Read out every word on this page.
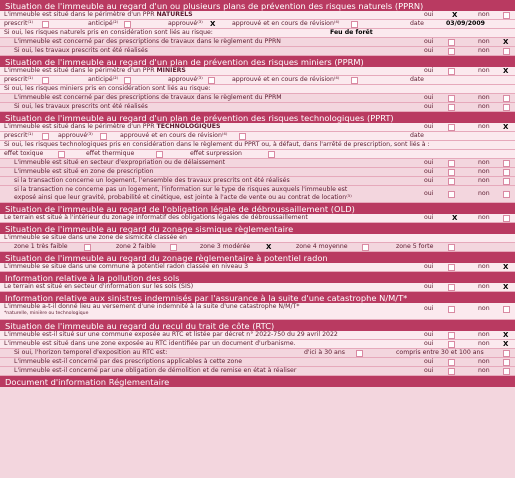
Situation de l'immeuble au regard d'un ou plusieurs plans de prévention des risques naturels (PPRN)
L'immeuble est situé dans le périmètre d'un PPR NATURELS	oui	X	non
prescrit⁽¹⁾	anticipé⁽²⁾	approuvé⁽³⁾ X	approuvé et en cours de révision⁽⁴⁾	date	03/09/2009
Si oui, les risques naturels pris en considération sont liés au risque:	Feu de forêt
L'immeuble est concerné par des prescriptions de travaux dans le règlement du PPRN	oui	non X
Si oui, les travaux prescrits ont été réalisés	oui	non
Situation de l'immeuble au regard d'un plan de prévention des risques miniers (PPRM)
L'immeuble est situé dans le périmètre d'un PPR MINIERS	oui	non X
prescrit⁽¹⁾	anticipé⁽²⁾	approuvé⁽³⁾	approuvé et en cours de révision⁽⁴⁾	date
Si oui, les risques miniers pris en considération sont liés au risque:
L'immeuble est concerné par des prescriptions de travaux dans le règlement du PPRM	oui	non
Si oui, les travaux prescrits ont été réalisés	oui	non
Situation de l'immeuble au regard d'un plan de prévention des risques technologiques (PPRT)
L'immeuble est situé dans le périmètre d'un PPR TECHNOLOGIQUES	oui	non X
prescrit⁽¹⁾	approuvé⁽³⁾	approuvé et en cours de révision⁽⁴⁾	date
Si oui, les risques technologiques pris en considération dans le règlement du PPRT ou, à défaut, dans l'arrêté de prescription, sont liés à :
effet toxique	effet thermique	effet surpression
L'immeuble est situé en secteur d'expropriation ou de délaissement	oui	non
L'immeuble est situé en zone de prescription	oui	non
si la transaction concerne un logement, l'ensemble des travaux prescrits ont été réalisés	oui	non
si la transaction ne concerne pas un logement, l'information sur le type de risques auxquels l'immeuble est
exposé ainsi que leur gravité, probabilité et cinétique, est jointe à l'acte de vente ou au contrat de location⁽⁵⁾
oui	non
Situation de l'immeuble au regard de l'obligation légale de débroussaillement (OLD)
Le terrain est situé à l'intérieur du zonage informatif des obligations légales de débroussaillement	oui	X	non
Situation de l'immeuble au regard du zonage sismique règlementaire
L'immeuble se situe dans une zone de sismicité classée en
zone 1 très faible	zone 2 faible	zone 3 modérée X	zone 4 moyenne	zone 5 forte
Situation de l'immeuble au regard du zonage règlementaire à potentiel radon
L'immeuble se situe dans une commune à potentiel radon classée en niveau 3	oui	non X
Information relative à la pollution des sols
Le terrain est situé en secteur d'information sur les sols (SIS)	oui	non X
Information relative aux sinistres indemnisés par l'assurance à la suite d'une catastrophe N/M/T*
L'immeuble a-t-il donné lieu au versement d'une indemnité à la suite d'une catastrophe N/M/T*
*naturelle, minière ou technologique
oui	non
Situation de l'immeuble au regard du recul du trait de côte (RTC)
L'immeuble est-il situé sur une commune exposée au RTC et listée par décret n° 2022-750 du 29 avril 2022	oui	non X
L'immeuble est situé dans une zone exposée au RTC identifiée par un document d'urbanisme.	oui	non X
Si oui, l'horizon temporel d'exposition au RTC est:	d'ici à 30 ans	compris entre 30 et 100 ans
L'immeuble est-il concerné par des prescriptions applicables à cette zone	oui	non
L'immeuble est-il concerné par une obligation de démolition et de remise en état à réaliser	oui	non
Document d'information Réglementaire
